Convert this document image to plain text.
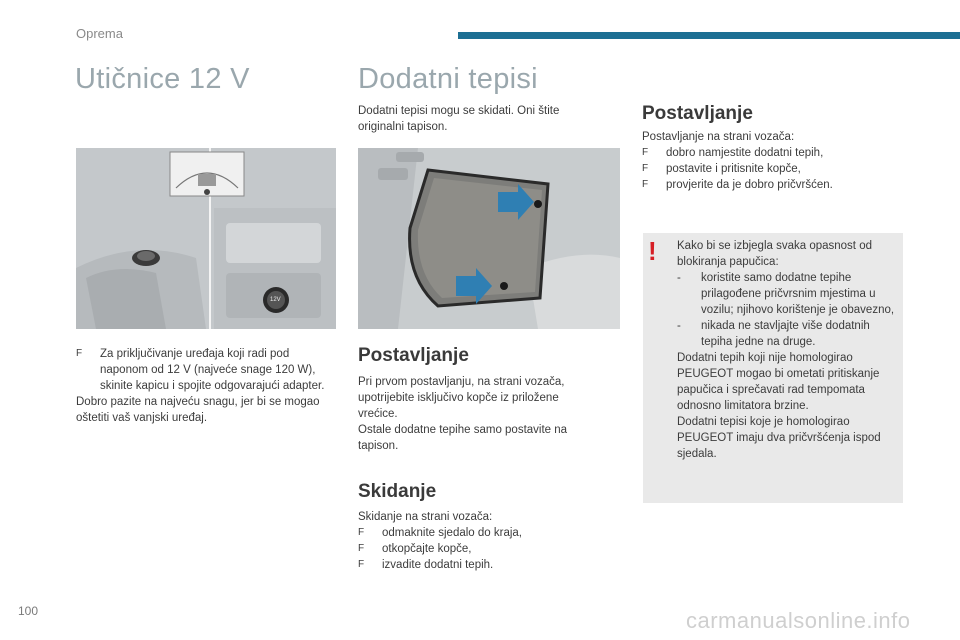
Oprema
Utičnice 12 V
12V
F Za priključivanje uređaja koji radi pod naponom od 12 V (najveće snage 120 W), skinite kapicu i spojite odgovarajući adapter.
Dobro pazite na najveću snagu, jer bi se mogao oštetiti vaš vanjski uređaj.
Dodatni tepisi
Dodatni tepisi mogu se skidati. Oni štite originalni tapison.
Postavljanje
Pri prvom postavljanju, na strani vozača, upotrijebite isključivo kopče iz priložene vrećice.
Ostale dodatne tepihe samo postavite na tapison.
Skidanje
Skidanje na strani vozača:
F odmaknite sjedalo do kraja,
F otkopčajte kopče,
F izvadite dodatni tepih.
Postavljanje
Postavljanje na strani vozača:
F dobro namjestite dodatni tepih,
F postavite i pritisnite kopče,
F provjerite da je dobro pričvršćen.
! Kako bi se izbjegla svaka opasnost od blokiranja papučica:
- koristite samo dodatne tepihe prilagođene pričvrsnim mjestima u vozilu; njihovo korištenje je obavezno,
- nikada ne stavljajte više dodatnih tepiha jedne na druge.
Dodatni tepih koji nije homologirao PEUGEOT mogao bi ometati pritiskanje papučica i sprečavati rad tempomata odnosno limitatora brzine.
Dodatni tepisi koje je homologirao PEUGEOT imaju dva pričvršćenja ispod sjedala.
100	carmanualsonline.info
